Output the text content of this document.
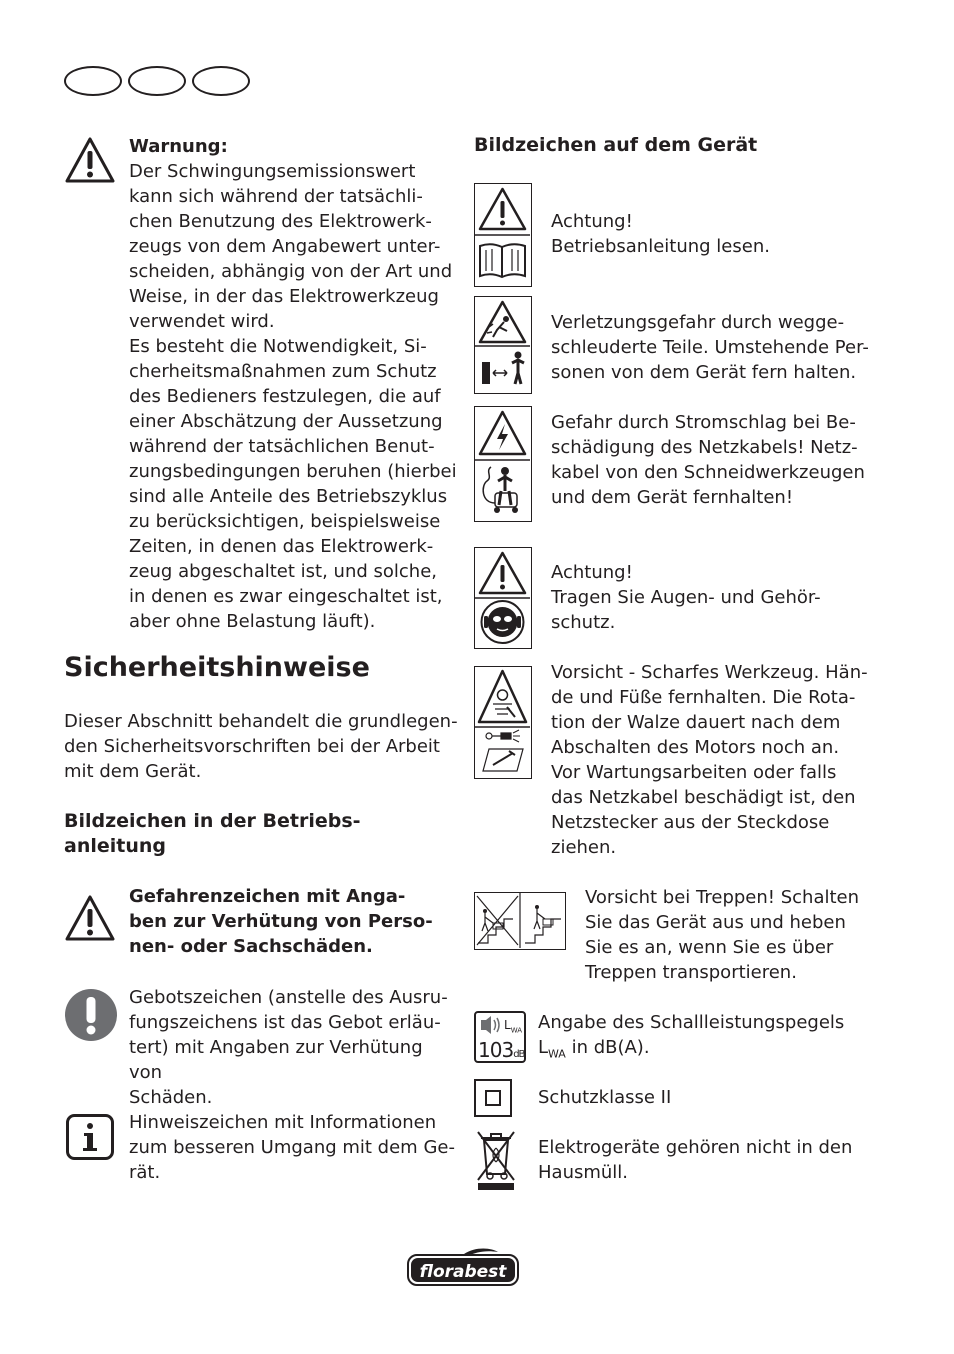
Warnung:
Der Schwingungsemissionswert
kann sich während der tatsächli-
chen Benutzung des Elektrowerk-
zeugs von dem Angabewert unter-
scheiden, abhängig von der Art und
Weise, in der das Elektrowerkzeug
verwendet wird.
Es besteht die Notwendigkeit, Si-
cherheitsmaßnahmen zum Schutz
des Bedieners festzulegen, die auf
einer Abschätzung der Aussetzung
während der tatsächlichen Benut-
zungsbedingungen beruhen (hierbei
sind alle Anteile des Betriebszyklus
zu berücksichtigen, beispielsweise
Zeiten, in denen das Elektrowerk-
zeug abgeschaltet ist, und solche,
in denen es zwar eingeschaltet ist,
aber ohne Belastung läuft).
Sicherheitshinweise
Dieser Abschnitt behandelt die grundlegen-
den Sicherheitsvorschriften bei der Arbeit
mit dem Gerät.
Bildzeichen in der Betriebs-
anleitung
Gefahrenzeichen mit Anga-
ben zur Verhütung von Perso-
nen- oder Sachschäden.
Gebotszeichen (anstelle des Ausru-
fungszeichens ist das Gebot erläu-
tert) mit Angaben zur Verhütung von
Schäden.
Hinweiszeichen mit Informationen
zum besseren Umgang mit dem Ge-
rät.
Bildzeichen auf dem Gerät
Achtung!
Betriebsanleitung lesen.
Verletzungsgefahr durch wegge-
schleuderte Teile. Umstehende Per-
sonen von dem Gerät fern halten.
Gefahr durch Stromschlag bei Be-
schädigung des Netzkabels! Netz-
kabel von den Schneidwerkzeugen
und dem Gerät fernhalten!
Achtung!
Tragen Sie Augen- und Gehör-
schutz.
Vorsicht - Scharfes Werkzeug. Hän-
de und Füße fernhalten. Die Rota-
tion der Walze dauert nach dem
Abschalten des Motors noch an.
Vor Wartungsarbeiten oder falls
das Netzkabel beschädigt ist, den
Netzstecker aus der Steckdose
ziehen.
Vorsicht bei Treppen! Schalten
Sie das Gerät aus und heben
Sie es an, wenn Sie es über
Treppen transportieren.
$L_{WA}$
103dB
Angabe des Schallleistungspegels
$L_{WA}$ in dB(A).
Schutzklasse II
Elektrogeräte gehören nicht in den
Hausmüll.
florabest
